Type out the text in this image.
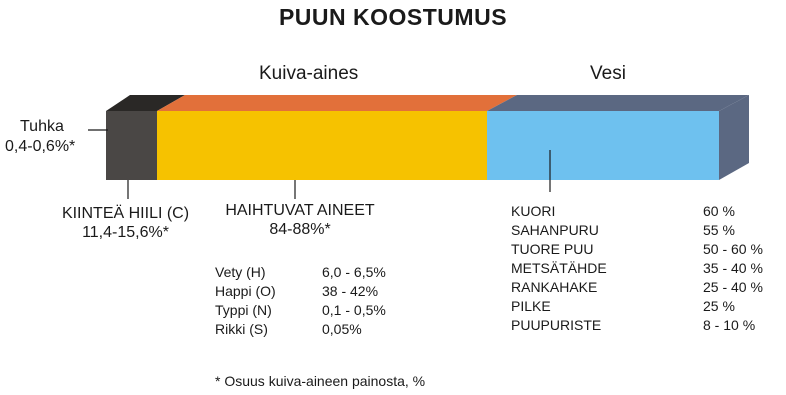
PUUN KOOSTUMUS
Kuiva-aines	Vesi
Tuhka
0,4-0,6%*
KIINTEÄ HIILI (C)
11,4-15,6%*
HAIHTUVAT AINEET
84-88%*
Vety (H)	6,0 - 6,5%
Happi (O)	38 - 42%
Typpi (N)	0,1 - 0,5%
Rikki (S)	0,05%
KUORI	60 %
SAHANPURU	55 %
TUORE PUU	50 - 60 %
METSÄTÄHDE	35 - 40 %
RANKAHAKE	25 - 40 %
PILKE	25 %
PUUPURISTE	8 - 10 %
* Osuus kuiva-aineen painosta, %
